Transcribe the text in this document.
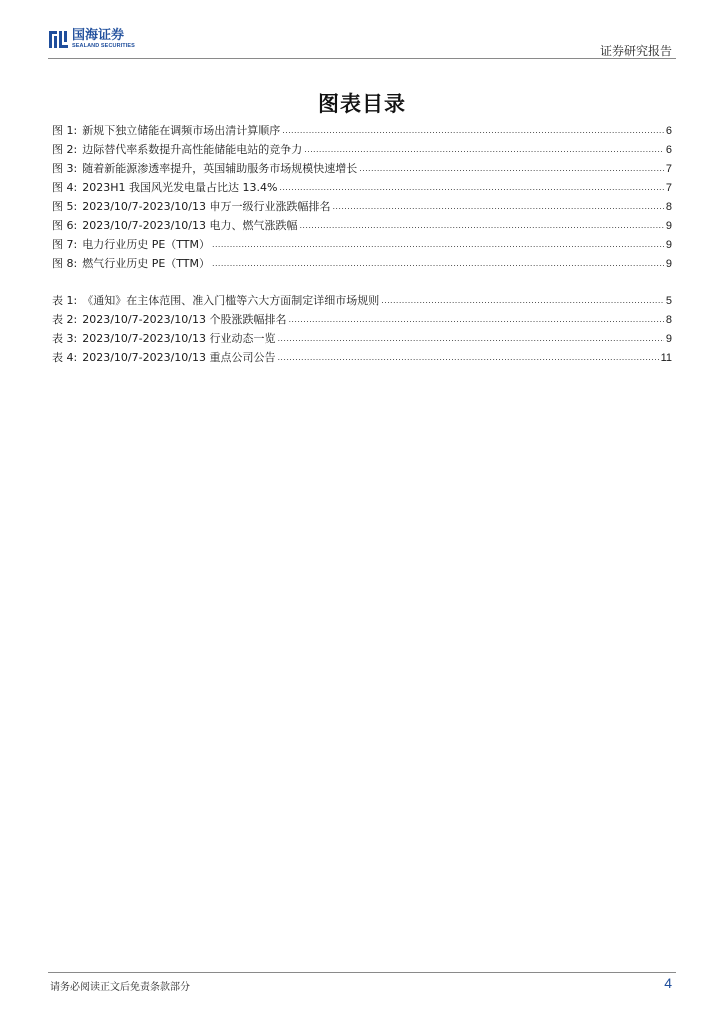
国海证券
SEALAND SECURITIES	证券研究报告
图表目录
图 1: 新规下独立储能在调频市场出清计算顺序 .....	6
图 2: 边际替代率系数提升高性能储能电站的竞争力 .....	6
图 3: 随着新能源渗透率提升，英国辅助服务市场规模快速增长 .....	7
图 4: 2023H1 我国风光发电量占比达 13.4% .....	7
图 5: 2023/10/7-2023/10/13 申万一级行业涨跌幅排名 .....	8
图 6: 2023/10/7-2023/10/13 电力、燃气涨跌幅 .....	9
图 7: 电力行业历史 PE（TTM） .....	9
图 8: 燃气行业历史 PE（TTM） .....	9
表 1: 《通知》在主体范围、准入门槛等六大方面制定详细市场规则 .....	5
表 2: 2023/10/7-2023/10/13 个股涨跌幅排名 .....	8
表 3: 2023/10/7-2023/10/13 行业动态一览 .....	9
表 4: 2023/10/7-2023/10/13 重点公司公告 .....	11
请务必阅读正文后免责条款部分	4
